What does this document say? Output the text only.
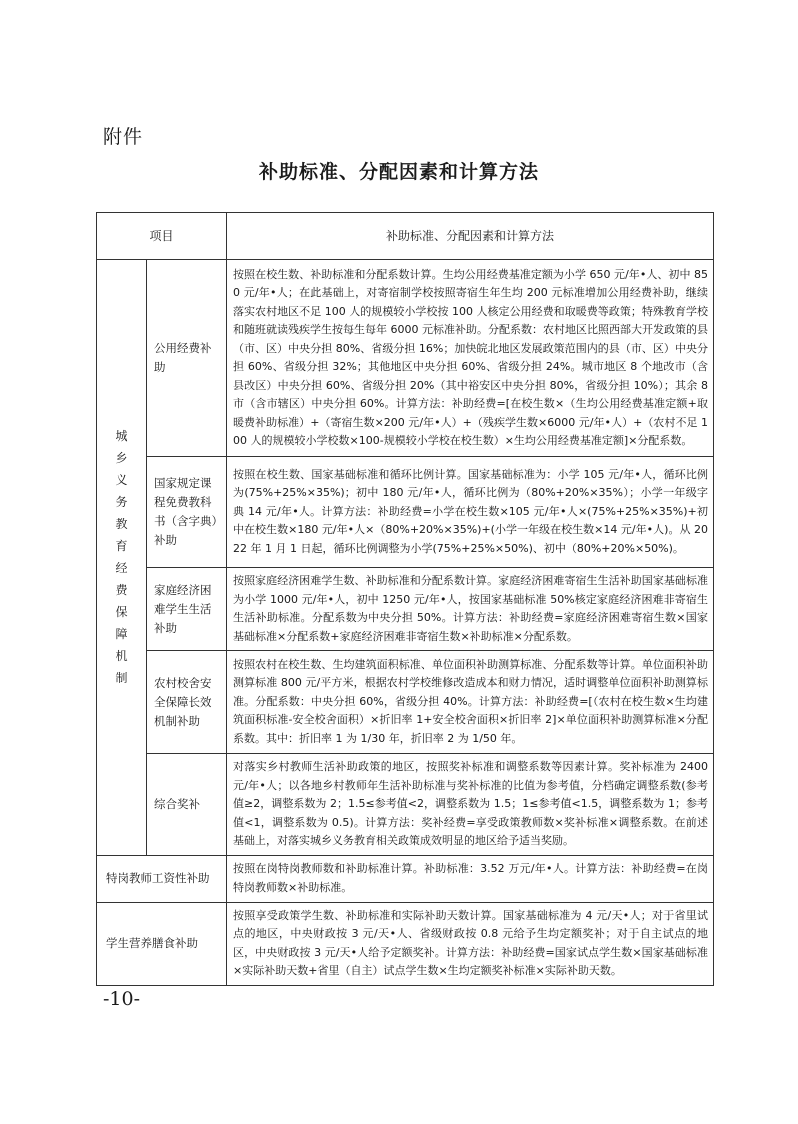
附件
补助标准、分配因素和计算方法
项目		补助标准、分配因素和计算方法
城乡义务教育经费保障机制	公用经费补助	按照在校生数、补助标准和分配系数计算。生均公用经费基准定额为小学 650 元/年•人、初中 850 元/年•人；在此基础上，对寄宿制学校按照寄宿生年生均 200 元标准增加公用经费补助，继续落实农村地区不足 100 人的规模较小学校按 100 人核定公用经费和取暖费等政策；特殊教育学校和随班就读残疾学生按每生每年 6000 元标准补助。分配系数：农村地区比照西部大开发政策的县（市、区）中央分担 80%、省级分担 16%；加快皖北地区发展政策范围内的县（市、区）中央分担 60%、省级分担 32%；其他地区中央分担 60%、省级分担 24%。城市地区 8 个地改市（含县改区）中央分担 60%、省级分担 20%（其中裕安区中央分担 80%，省级分担 10%）；其余 8 市（含市辖区）中央分担 60%。计算方法：补助经费=[在校生数×（生均公用经费基准定额+取暖费补助标准）+（寄宿生数×200 元/年•人）+（残疾学生数×6000 元/年•人）+（农村不足 100 人的规模较小学校数×100-规模较小学校在校生数）×生均公用经费基准定额]×分配系数。
	国家规定课程免费教科书（含字典）补助	按照在校生数、国家基础标准和循环比例计算。国家基础标准为：小学 105 元/年•人，循环比例为(75%+25%×35%)；初中 180 元/年•人，循环比例为（80%+20%×35%）；小学一年级字典 14 元/年•人。计算方法：补助经费=小学在校生数×105 元/年•人×(75%+25%×35%)+初中在校生数×180 元/年•人×（80%+20%×35%)+(小学一年级在校生数×14 元/年•人)。从 2022 年 1 月 1 日起，循环比例调整为小学(75%+25%×50%)、初中（80%+20%×50%)。
	家庭经济困难学生生活补助	按照家庭经济困难学生数、补助标准和分配系数计算。家庭经济困难寄宿生生活补助国家基础标准为小学 1000 元/年•人，初中 1250 元/年•人，按国家基础标准 50%核定家庭经济困难非寄宿生生活补助标准。分配系数为中央分担 50%。计算方法：补助经费=家庭经济困难寄宿生数×国家基础标准×分配系数+家庭经济困难非寄宿生数×补助标准×分配系数。
	农村校舍安全保障长效机制补助	按照农村在校生数、生均建筑面积标准、单位面积补助测算标准、分配系数等计算。单位面积补助测算标准 800 元/平方米，根据农村学校维修改造成本和财力情况，适时调整单位面积补助测算标准。分配系数：中央分担 60%，省级分担 40%。计算方法：补助经费=[（农村在校生数×生均建筑面积标准-安全校舍面积）×折旧率 1+安全校舍面积×折旧率 2]×单位面积补助测算标准×分配系数。其中：折旧率 1 为 1/30 年，折旧率 2 为 1/50 年。
	综合奖补	对落实乡村教师生活补助政策的地区，按照奖补标准和调整系数等因素计算。奖补标准为 2400 元/年•人；以各地乡村教师年生活补助标准与奖补标准的比值为参考值，分档确定调整系数(参考值≥2，调整系数为 2；1.5≤参考值<2，调整系数为 1.5；1≤参考值<1.5，调整系数为 1；参考值<1，调整系数为 0.5)。计算方法：奖补经费=享受政策教师数×奖补标准×调整系数。在前述基础上，对落实城乡义务教育相关政策成效明显的地区给予适当奖励。
特岗教师工资性补助		按照在岗特岗教师数和补助标准计算。补助标准：3.52 万元/年•人。计算方法：补助经费=在岗特岗教师数×补助标准。
学生营养膳食补助		按照享受政策学生数、补助标准和实际补助天数计算。国家基础标准为 4 元/天•人；对于省里试点的地区，中央财政按 3 元/天•人、省级财政按 0.8 元给予生均定额奖补；对于自主试点的地区，中央财政按 3 元/天•人给予定额奖补。计算方法：补助经费=国家试点学生数×国家基础标准×实际补助天数+省里（自主）试点学生数×生均定额奖补标准×实际补助天数。
-10-
